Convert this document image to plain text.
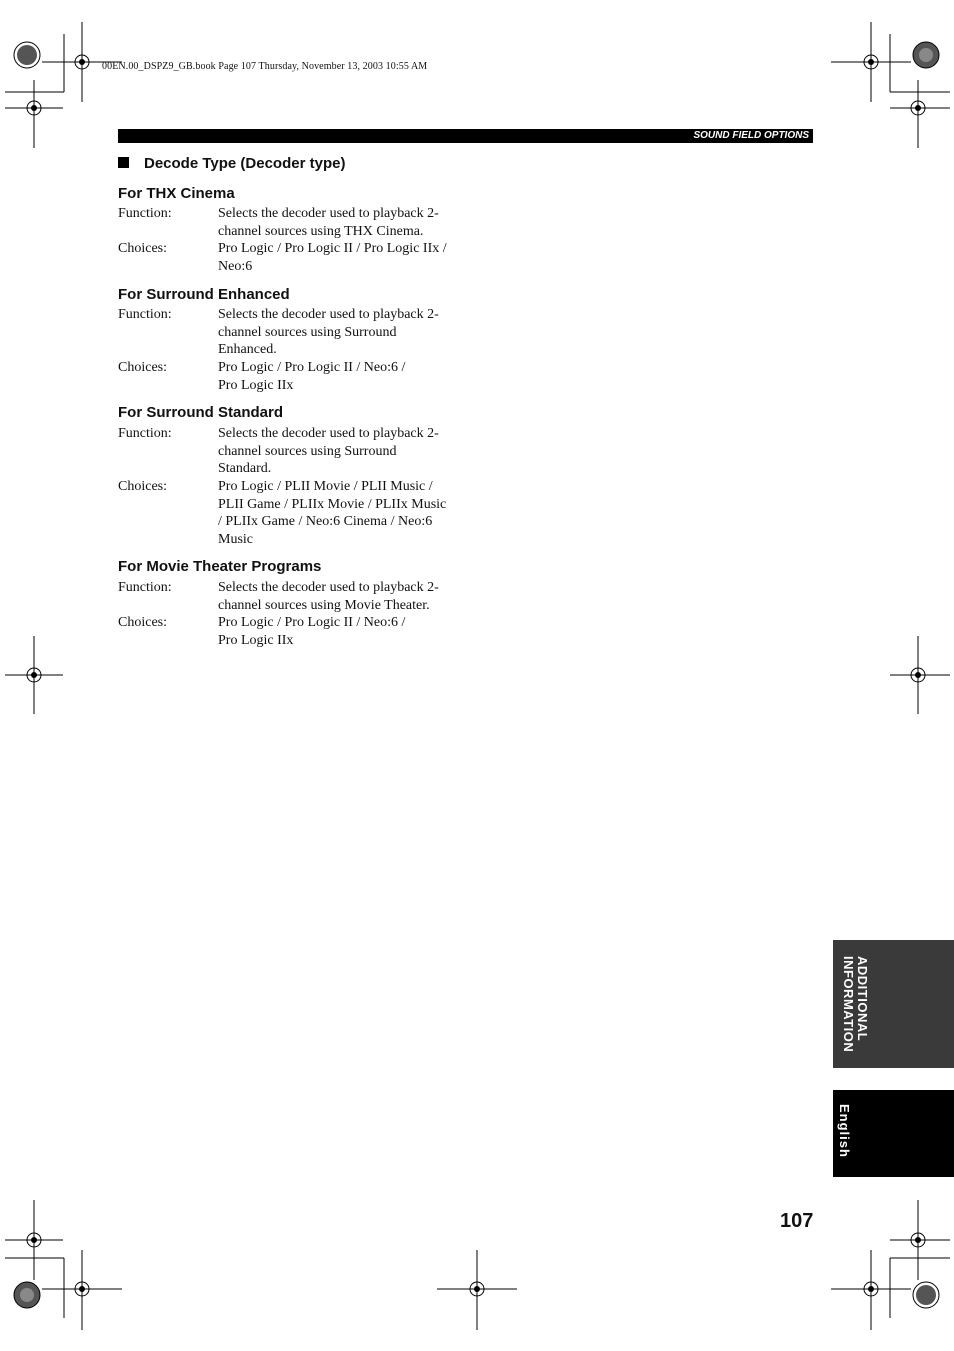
00EN.00_DSPZ9_GB.book Page 107 Thursday, November 13, 2003 10:55 AM
SOUND FIELD OPTIONS
Decode Type (Decoder type)
For THX Cinema
Function:	Selects the decoder used to playback 2-
channel sources using THX Cinema.
Choices:	Pro Logic / Pro Logic II / Pro Logic IIx /
Neo:6
For Surround Enhanced
Function:	Selects the decoder used to playback 2-
channel sources using Surround
Enhanced.
Choices:	Pro Logic / Pro Logic II / Neo:6 /
Pro Logic IIx
For Surround Standard
Function:	Selects the decoder used to playback 2-
channel sources using Surround
Standard.
Choices:	Pro Logic / PLII Movie / PLII Music /
PLII Game / PLIIx Movie / PLIIx Music
/ PLIIx Game / Neo:6 Cinema / Neo:6
Music
For Movie Theater Programs
Function:	Selects the decoder used to playback 2-
channel sources using Movie Theater.
Choices:	Pro Logic / Pro Logic II / Neo:6 /
Pro Logic IIx
ADDITIONAL INFORMATION
English
107
